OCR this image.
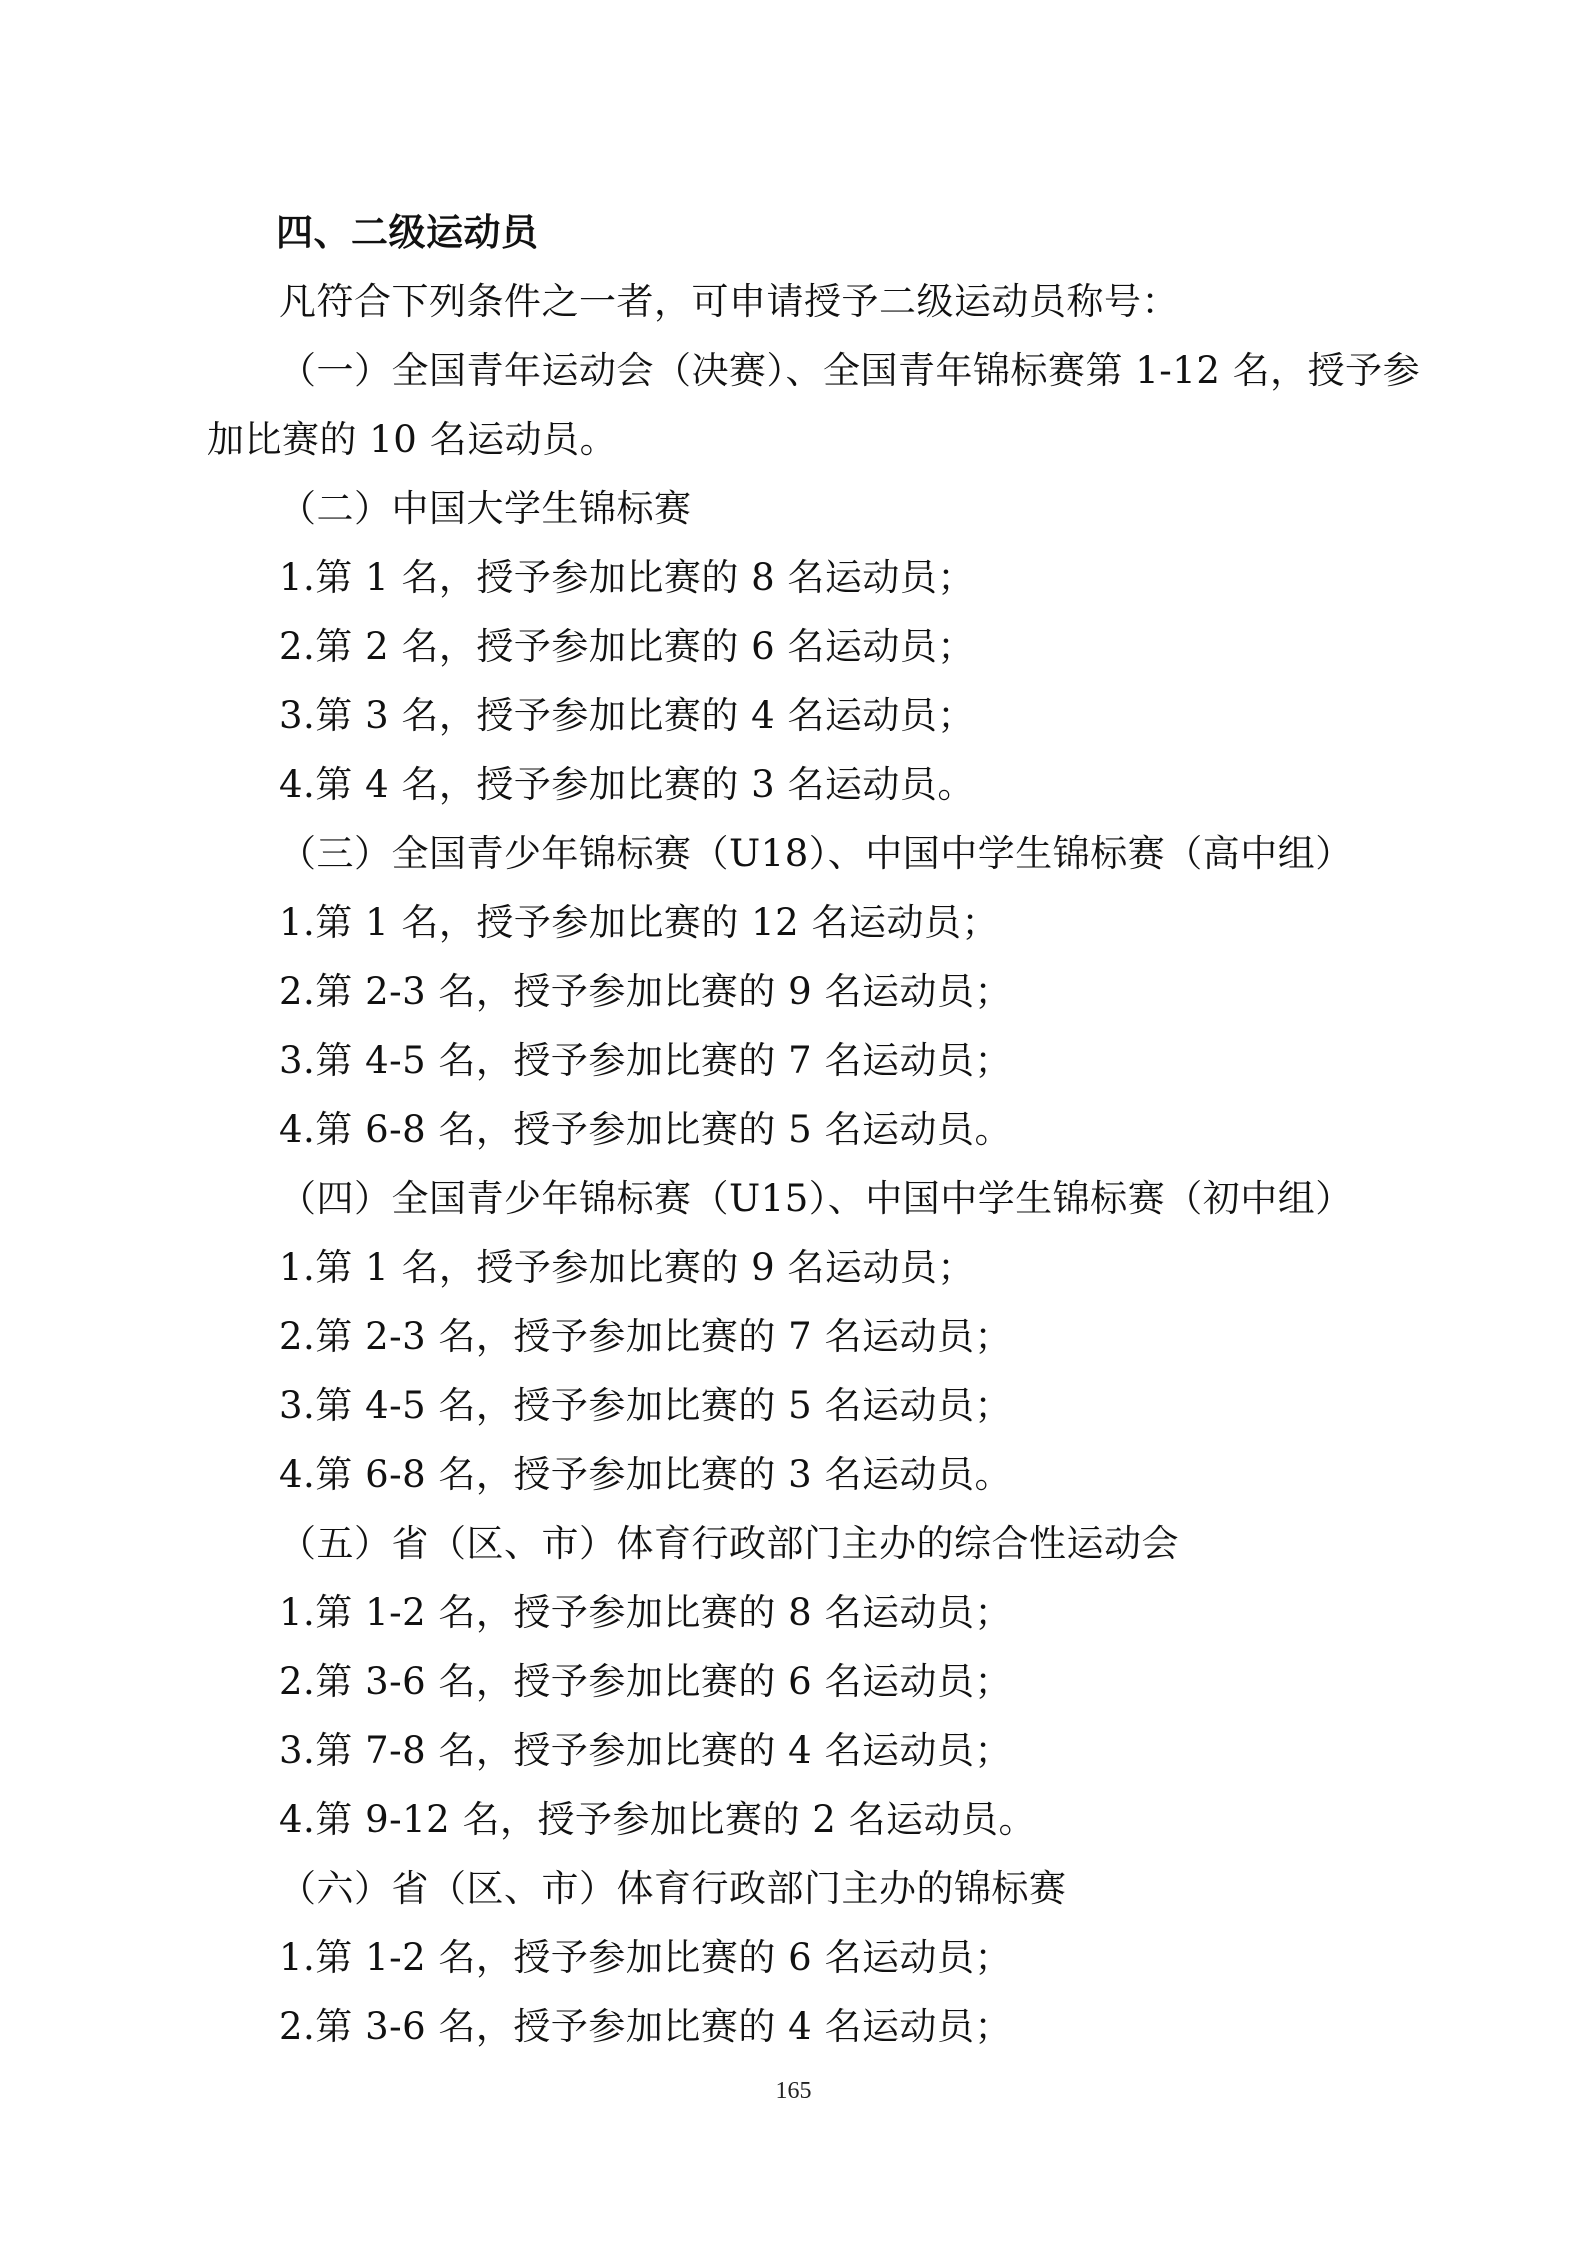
四、二级运动员
凡符合下列条件之一者，可申请授予二级运动员称号：
（一）全国青年运动会（决赛）、全国青年锦标赛第 1-12 名，授予参
加比赛的 10 名运动员。
（二）中国大学生锦标赛
1.第 1 名，授予参加比赛的 8 名运动员；
2.第 2 名，授予参加比赛的 6 名运动员；
3.第 3 名，授予参加比赛的 4 名运动员；
4.第 4 名，授予参加比赛的 3 名运动员。
（三）全国青少年锦标赛（U18）、中国中学生锦标赛（高中组）
1.第 1 名，授予参加比赛的 12 名运动员；
2.第 2-3 名，授予参加比赛的 9 名运动员；
3.第 4-5 名，授予参加比赛的 7 名运动员；
4.第 6-8 名，授予参加比赛的 5 名运动员。
（四）全国青少年锦标赛（U15）、中国中学生锦标赛（初中组）
1.第 1 名，授予参加比赛的 9 名运动员；
2.第 2-3 名，授予参加比赛的 7 名运动员；
3.第 4-5 名，授予参加比赛的 5 名运动员；
4.第 6-8 名，授予参加比赛的 3 名运动员。
（五）省（区、市）体育行政部门主办的综合性运动会
1.第 1-2 名，授予参加比赛的 8 名运动员；
2.第 3-6 名，授予参加比赛的 6 名运动员；
3.第 7-8 名，授予参加比赛的 4 名运动员；
4.第 9-12 名，授予参加比赛的 2 名运动员。
（六）省（区、市）体育行政部门主办的锦标赛
1.第 1-2 名，授予参加比赛的 6 名运动员；
2.第 3-6 名，授予参加比赛的 4 名运动员；
165
